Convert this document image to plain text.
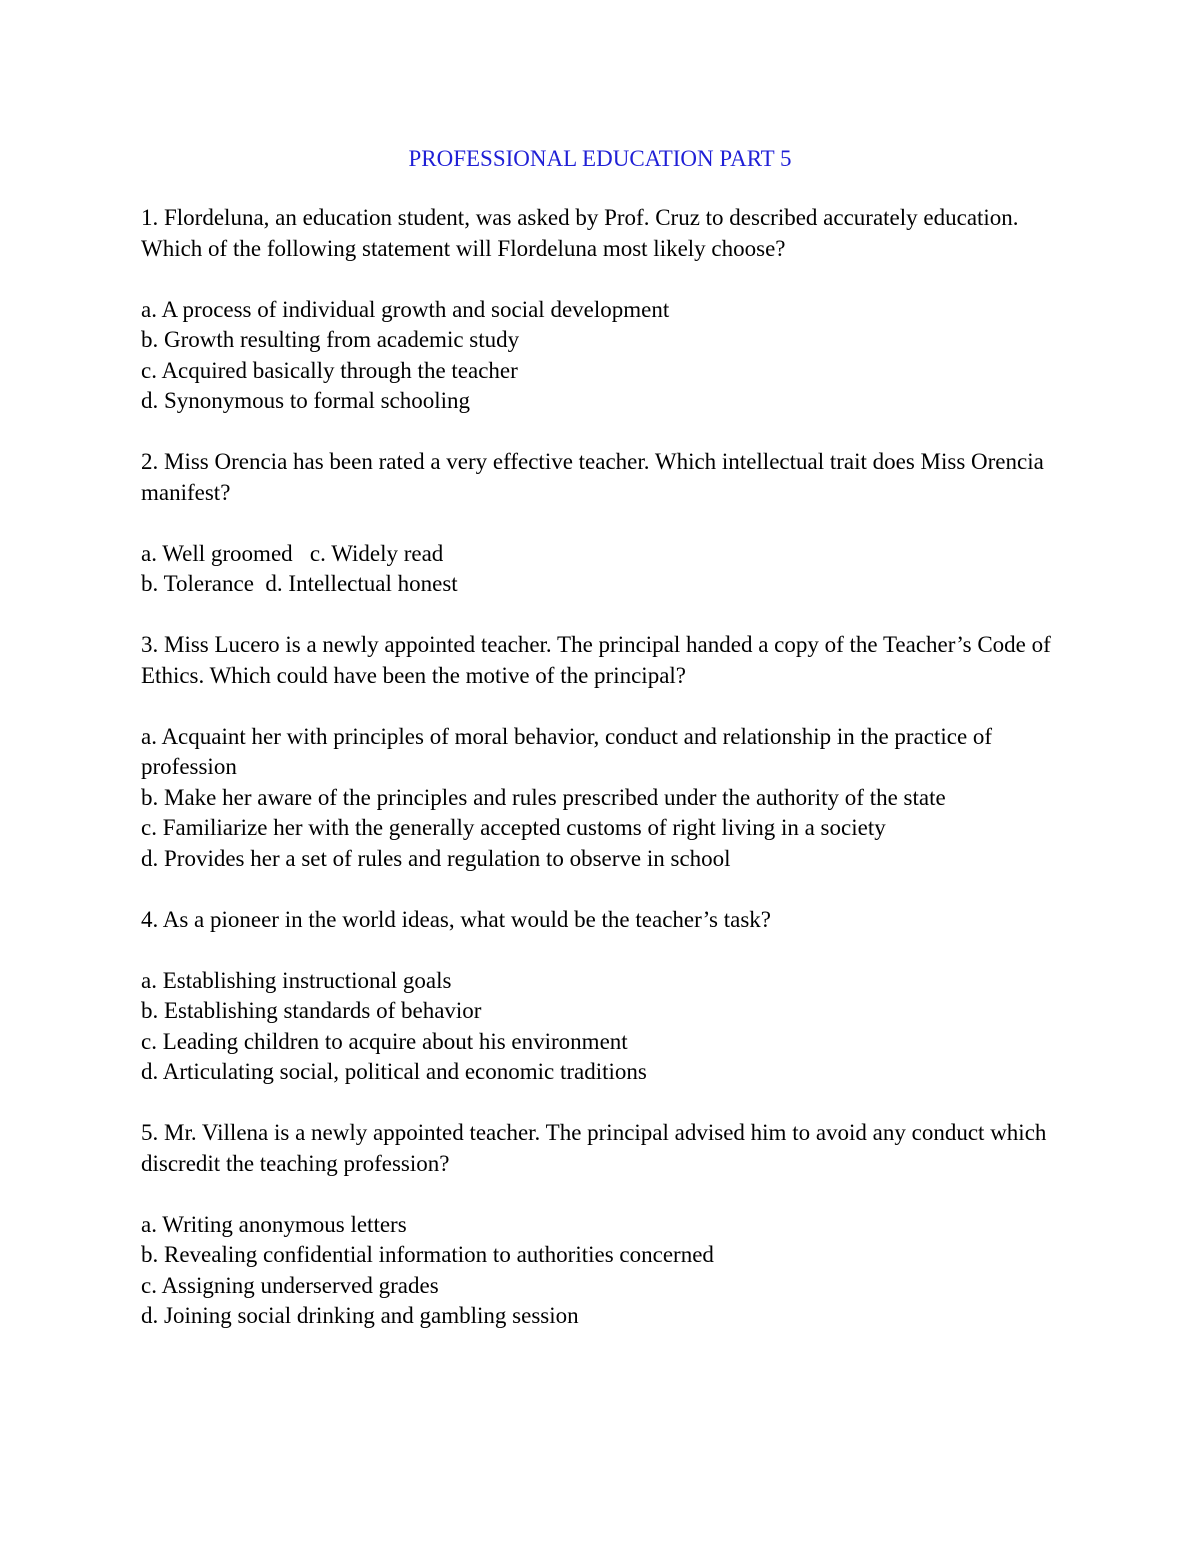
PROFESSIONAL EDUCATION PART 5

1. Flordeluna, an education student, was asked by Prof. Cruz to described accurately education. Which of the following statement will Flordeluna most likely choose?

a. A process of individual growth and social development

b. Growth resulting from academic study

c. Acquired basically through the teacher

d. Synonymous to formal schooling

2. Miss Orencia has been rated a very effective teacher. Which intellectual trait does Miss Orencia manifest?

a. Well groomed   c. Widely read

b. Tolerance  d. Intellectual honest

3. Miss Lucero is a newly appointed teacher. The principal handed a copy of the Teacher’s Code of Ethics. Which could have been the motive of the principal?

a. Acquaint her with principles of moral behavior, conduct and relationship in the practice of profession

b. Make her aware of the principles and rules prescribed under the authority of the state

c. Familiarize her with the generally accepted customs of right living in a society

d. Provides her a set of rules and regulation to observe in school

4. As a pioneer in the world ideas, what would be the teacher’s task?

a. Establishing instructional goals

b. Establishing standards of behavior

c. Leading children to acquire about his environment

d. Articulating social, political and economic traditions

5. Mr. Villena is a newly appointed teacher. The principal advised him to avoid any conduct which discredit the teaching profession?

a. Writing anonymous letters

b. Revealing confidential information to authorities concerned

c. Assigning underserved grades

d. Joining social drinking and gambling session
